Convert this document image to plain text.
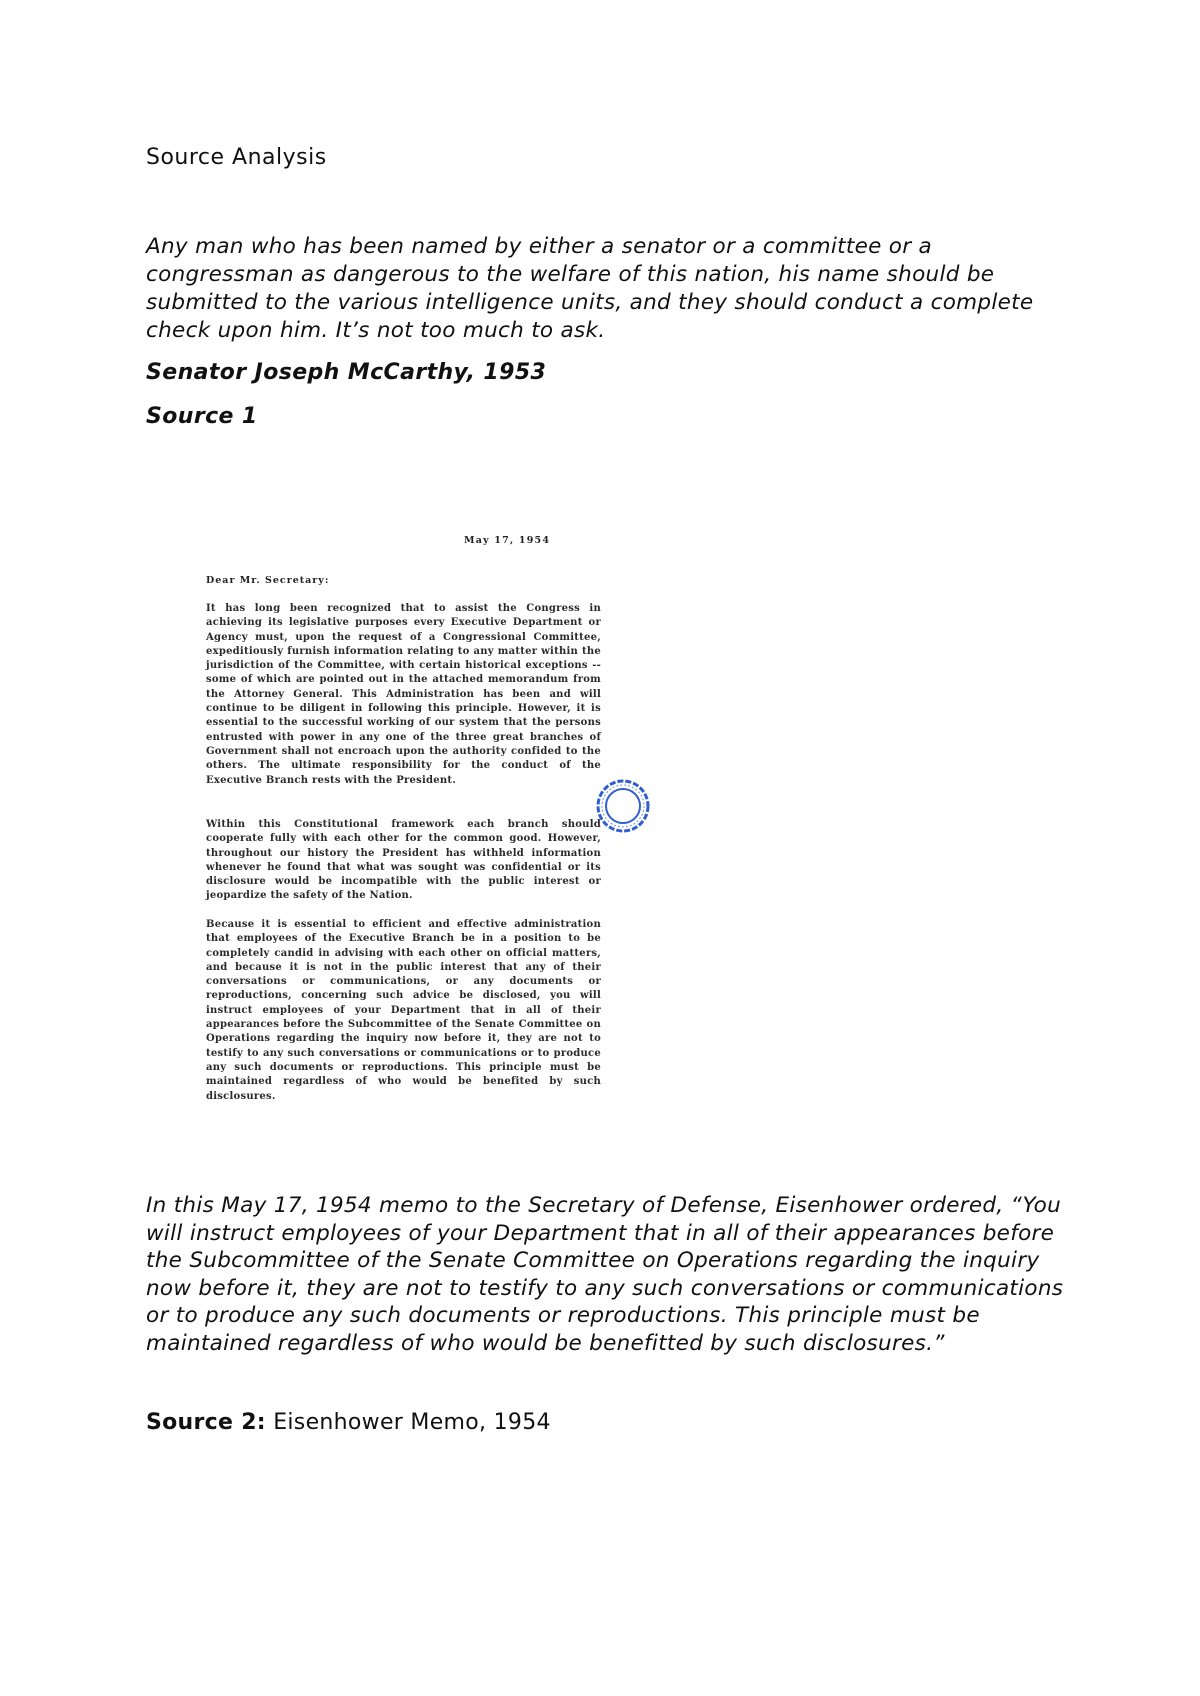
Source Analysis
Any man who has been named by either a senator or a committee or a congressman as dangerous to the welfare of this nation, his name should be submitted to the various intelligence units, and they should conduct a complete check upon him. It’s not too much to ask.
Senator Joseph McCarthy, 1953
Source 1
May 17, 1954
Dear Mr. Secretary:
It has long been recognized that to assist the Congress in achieving its legislative purposes every Executive Department or Agency must, upon the request of a Congressional Committee, expeditiously furnish information relating to any matter within the jurisdiction of the Committee, with certain historical exceptions -- some of which are pointed out in the attached memorandum from the Attorney General. This Administration has been and will continue to be diligent in following this principle. However, it is essential to the successful working of our system that the persons entrusted with power in any one of the three great branches of Government shall not encroach upon the authority confided to the others. The ultimate responsibility for the conduct of the Executive Branch rests with the President.
Within this Constitutional framework each branch should cooperate fully with each other for the common good. However, throughout our history the President has withheld information whenever he found that what was sought was confidential or its disclosure would be incompatible with the public interest or jeopardize the safety of the Nation.
Because it is essential to efficient and effective administration that employees of the Executive Branch be in a position to be completely candid in advising with each other on official matters, and because it is not in the public interest that any of their conversations or communications, or any documents or reproductions, concerning such advice be disclosed, you will instruct employees of your Department that in all of their appearances before the Subcommittee of the Senate Committee on Operations regarding the inquiry now before it, they are not to testify to any such conversations or communications or to produce any such documents or reproductions. This principle must be maintained regardless of who would be benefited by such disclosures.
In this May 17, 1954 memo to the Secretary of Defense, Eisenhower ordered, “You will instruct employees of your Department that in all of their appearances before the Subcommittee of the Senate Committee on Operations regarding the inquiry now before it, they are not to testify to any such conversations or communications or to produce any such documents or reproductions. This principle must be maintained regardless of who would be benefitted by such disclosures.”
Source 2: Eisenhower Memo, 1954
